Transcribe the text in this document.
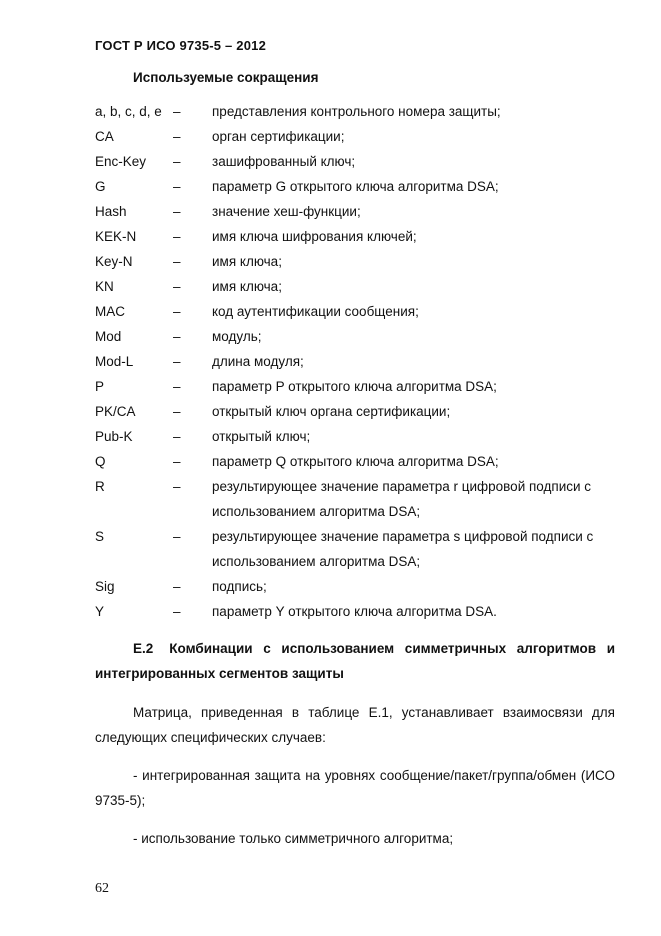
ГОСТ Р ИСО 9735-5 – 2012
Используемые сокращения
a, b, c, d, e –	представления контрольного номера защиты;
CA	–	орган сертификации;
Enc-Key	–	зашифрованный ключ;
G	–	параметр G открытого ключа алгоритма DSA;
Hash	–	значение хеш-функции;
KEK-N	–	имя ключа шифрования ключей;
Key-N	–	имя ключа;
KN	–	имя ключа;
MAC	–	код аутентификации сообщения;
Mod	–	модуль;
Mod-L	–	длина модуля;
P	–	параметр P открытого ключа алгоритма DSA;
PK/CA	–	открытый ключ органа сертификации;
Pub-K	–	открытый ключ;
Q	–	параметр Q открытого ключа алгоритма DSA;
R	–	результирующее значение параметра r цифровой подписи с использованием алгоритма DSA;
S	–	результирующее значение параметра s цифровой подписи с использованием алгоритма DSA;
Sig	–	подпись;
Y	–	параметр Y открытого ключа алгоритма DSA.
E.2 Комбинации с использованием симметричных алгоритмов и интегрированных сегментов защиты
Матрица, приведенная в таблице E.1, устанавливает взаимосвязи для следующих специфических случаев:
- интегрированная защита на уровнях сообщение/пакет/группа/обмен (ИСО 9735-5);
- использование только симметричного алгоритма;
62
